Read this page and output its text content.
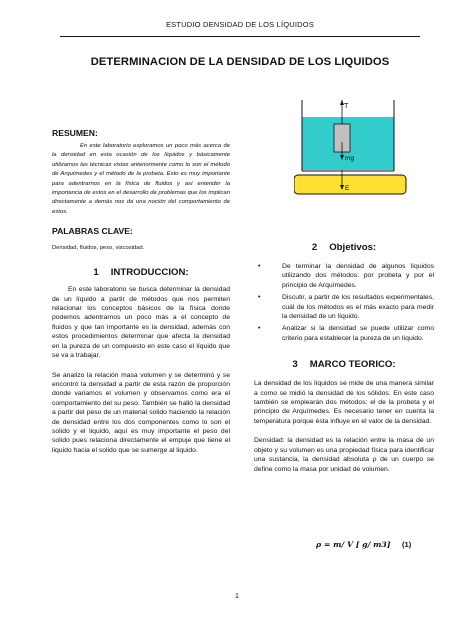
ESTUDIO DENSIDAD DE LOS LÍQUIDOS
DETERMINACION DE LA DENSIDAD DE LOS LIQUIDOS
T
mg
E
RESUMEN:

En este laboratorio exploramos un poco más acerca de la densidad en esta ocasión de los líquidos y básicamente utilizamos las técnicas vistas anteriormente como lo son el método de Arquímedes y el método de la probeta. Ésto es muy importante para adentrarnos en la física de fluidos y así entender la importancia de estos en el desarrollo de problemas que los implican directamente a demás nos da una noción del comportamiento de estos.

PALABRAS CLAVE:

Densidad, fluidos, peso, viscosidad.

1 INTRODUCCION:

En este laboratorio se busca determinar la densidad de un líquido a partir de métodos que nos permiten relacionar los conceptos básicos de la física donde podemos adentrarnos un poco más a el concepto de fluidos y que tan importante es la densidad, además con estos procedimientos determinar que afecta la densidad en la pureza de un compuesto en este caso el líquido que se va a trabajar.

Se analizo la relación masa volumen y se determinó y se encontró la densidad a partir de esta razón de proporción donde variamos el volumen y observamos como era el comportamiento del su peso. También se halló la densidad a partir del peso de un material solido haciendo la relación de densidad entre los dos componentes como lo son el solido y el liquido, aquí es muy importante el peso del solido pues relaciona directamente el empuje que tiene el liquido hacia el solido que se sumerge al liquido.

2 Objetivos:
•	De terminar la densidad de algunos líquidos utilizando dos métodos: por probeta y por el principio de Arquímedes.
•	Discutir, a partir de los resultados experimentales, cuál de los métodos es el más exacto para medir la densidad de un líquido.
•	Analizar si la densidad se puede utilizar como criterio para establecer la pureza de un líquido.
3 MARCO TEORICO:

La densidad de los líquidos se mide de una manera similar a como se midió la densidad de los sólidos. En este caso también se emplearán dos métodos: el de la probeta y el principio de Arquímedes. Es necesario tener en cuenta la temperatura porque ésta influye en el valor de la densidad.

Densidad: la densidad es la relación entre la masa de un objeto y su volumen es una propiedad física para identificar una sustancia, la densidad absoluta ρ de un cuerpo se define como la masa por unidad de volumen.

ρ = m/ V [ g/ m3] (1)
1
